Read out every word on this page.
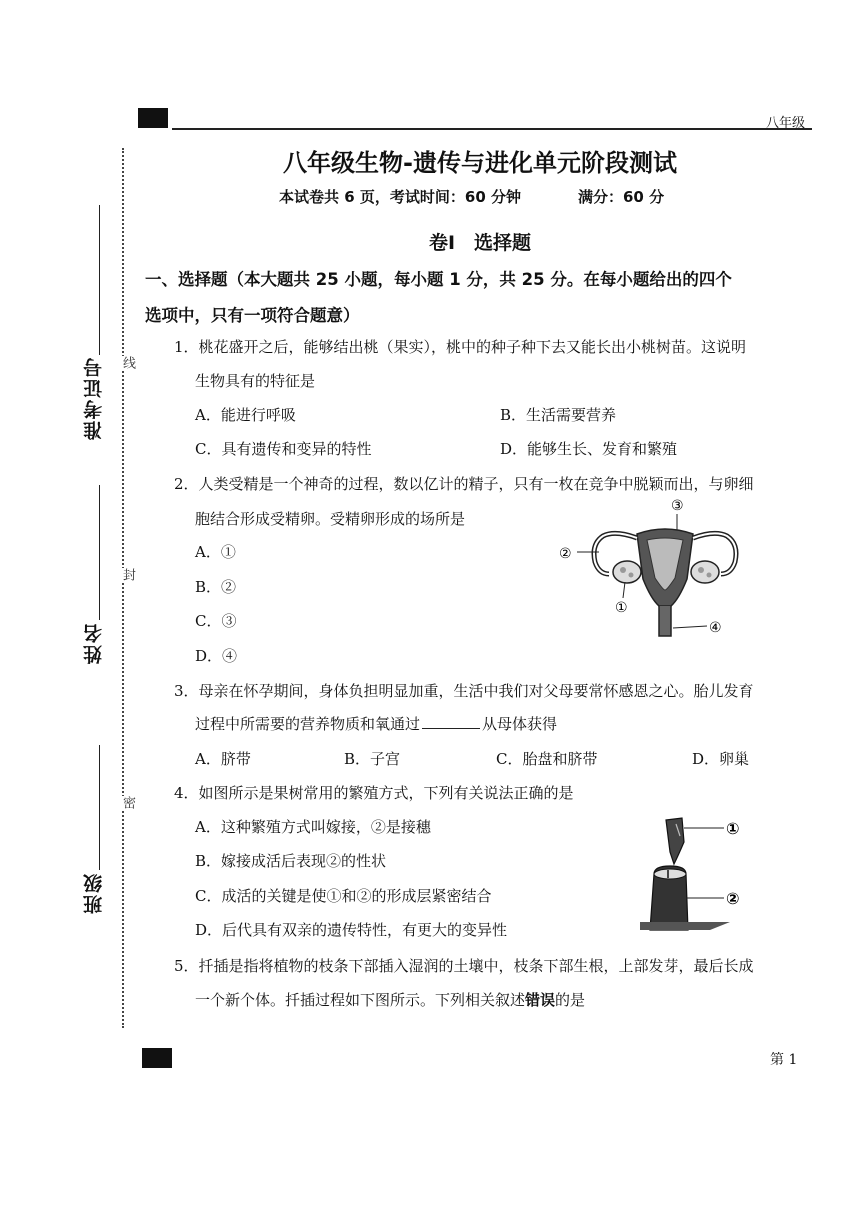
八年级
准考证号
姓名
班级
线
封
密
八年级生物-遗传与进化单元阶段测试
本试卷共 6 页，考试时间：60 分钟	满分：60 分
卷Ⅰ　选择题
一、选择题（本大题共 25 小题，每小题 1 分，共 25 分。在每小题给出的四个
选项中，只有一项符合题意）
1．桃花盛开之后，能够结出桃（果实），桃中的种子种下去又能长出小桃树苗。这说明
生物具有的特征是
A．能进行呼吸	B．生活需要营养
C．具有遗传和变异的特性	D．能够生长、发育和繁殖
2．人类受精是一个神奇的过程，数以亿计的精子，只有一枚在竞争中脱颖而出，与卵细
胞结合形成受精卵。受精卵形成的场所是
A．①
B．②
C．③
D．④
③
②
①
④
3．母亲在怀孕期间，身体负担明显加重，生活中我们对父母要常怀感恩之心。胎儿发育
过程中所需要的营养物质和氧通过	从母体获得
A．脐带	B．子宫	C．胎盘和脐带	D．卵巢
4．如图所示是果树常用的繁殖方式，下列有关说法正确的是
A．这种繁殖方式叫嫁接，②是接穗
B．嫁接成活后表现②的性状
C．成活的关键是使①和②的形成层紧密结合
D．后代具有双亲的遗传特性，有更大的变异性
①
②
5．扦插是指将植物的枝条下部插入湿润的土壤中，枝条下部生根，上部发芽，最后长成
一个新个体。扦插过程如下图所示。下列相关叙述错误的是
第 1
